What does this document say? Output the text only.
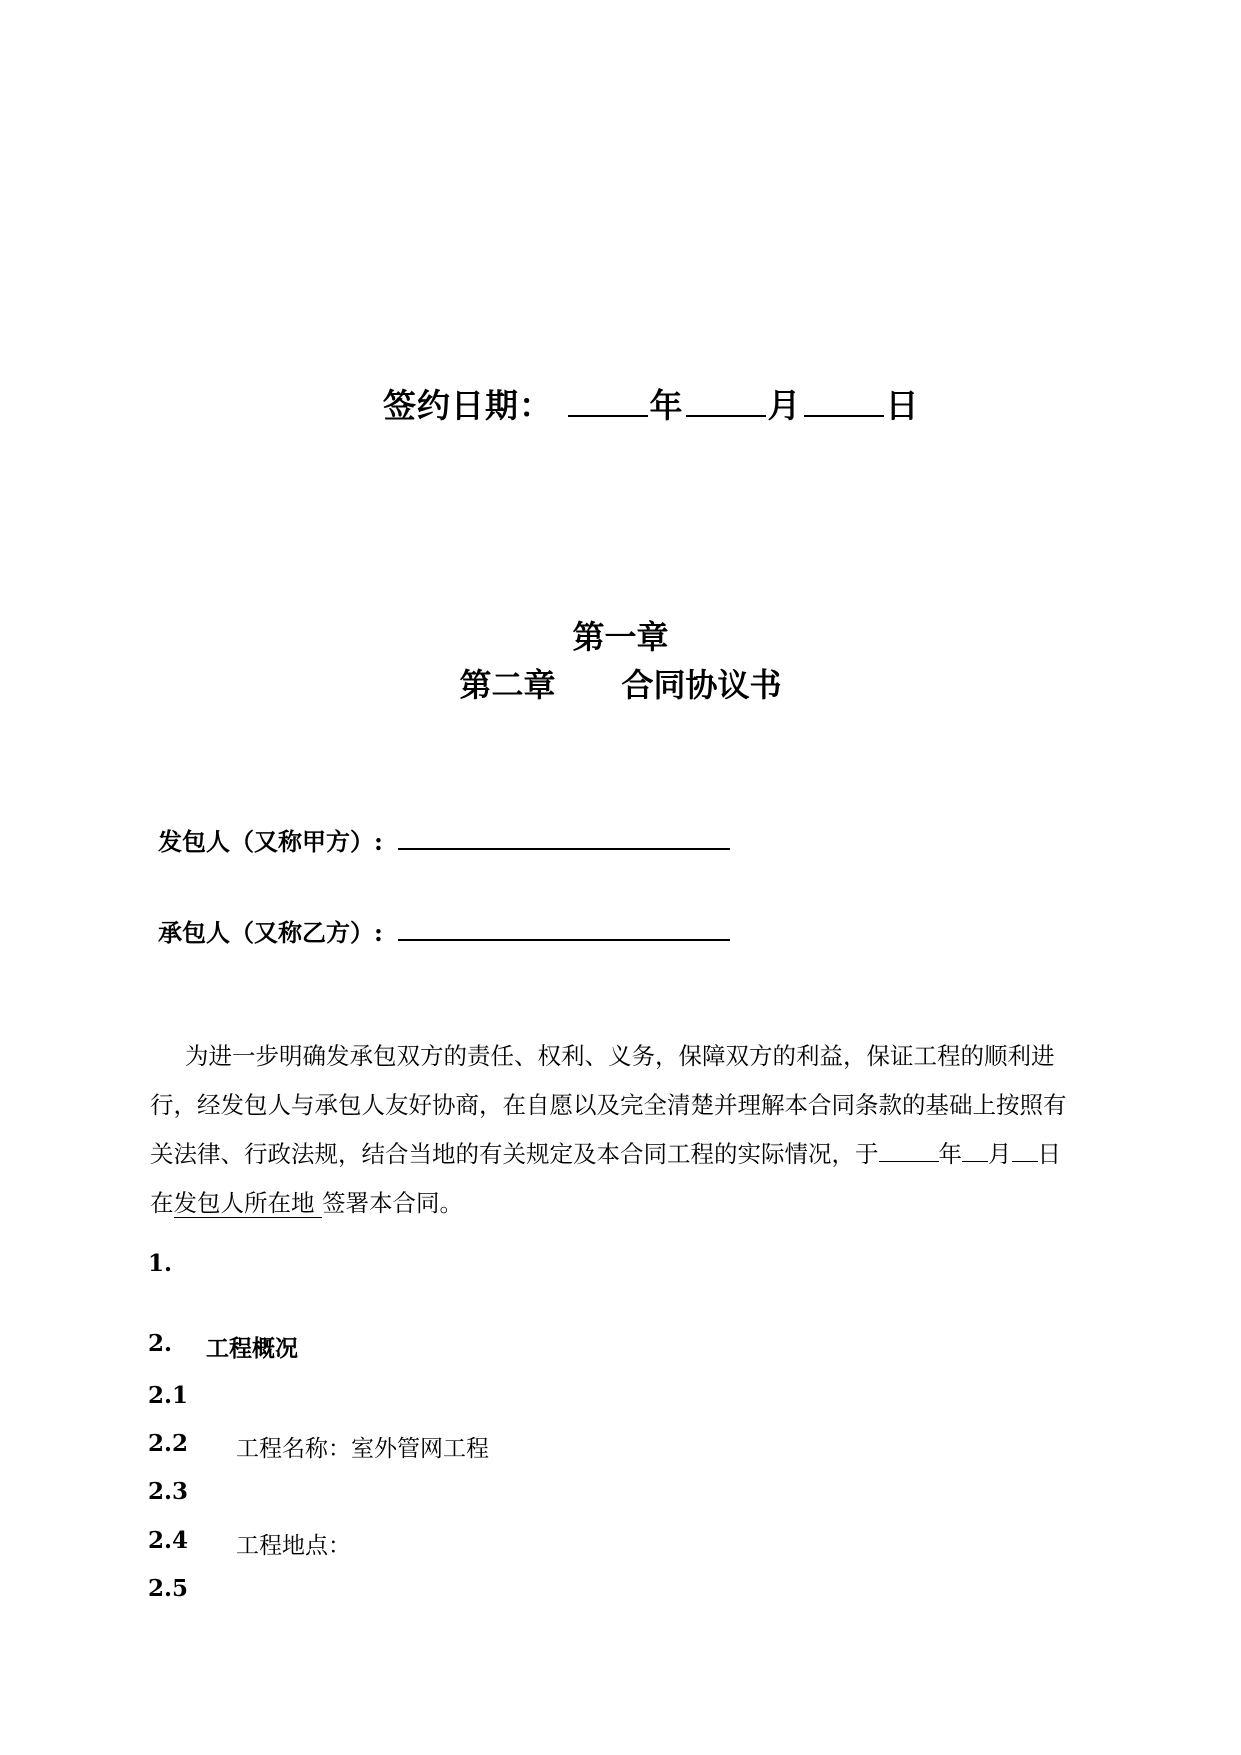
签约日期：	年	月	日
第一章
第二章 合同协议书
发包人（又称甲方）:
承包人（又称乙方）:
为进一步明确发承包双方的责任、权利、义务，保障双方的利益，保证工程的顺利进
行，经发包人与承包人友好协商，在自愿以及完全清楚并理解本合同条款的基础上按照有
关法律、行政法规，结合当地的有关规定及本合同工程的实际情况，于	年 月 日
在发包人所在地 签署本合同。
1.
2. 工程概况
2.1
2.2 工程名称：室外管网工程
2.3
2.4 工程地点：
2.5
